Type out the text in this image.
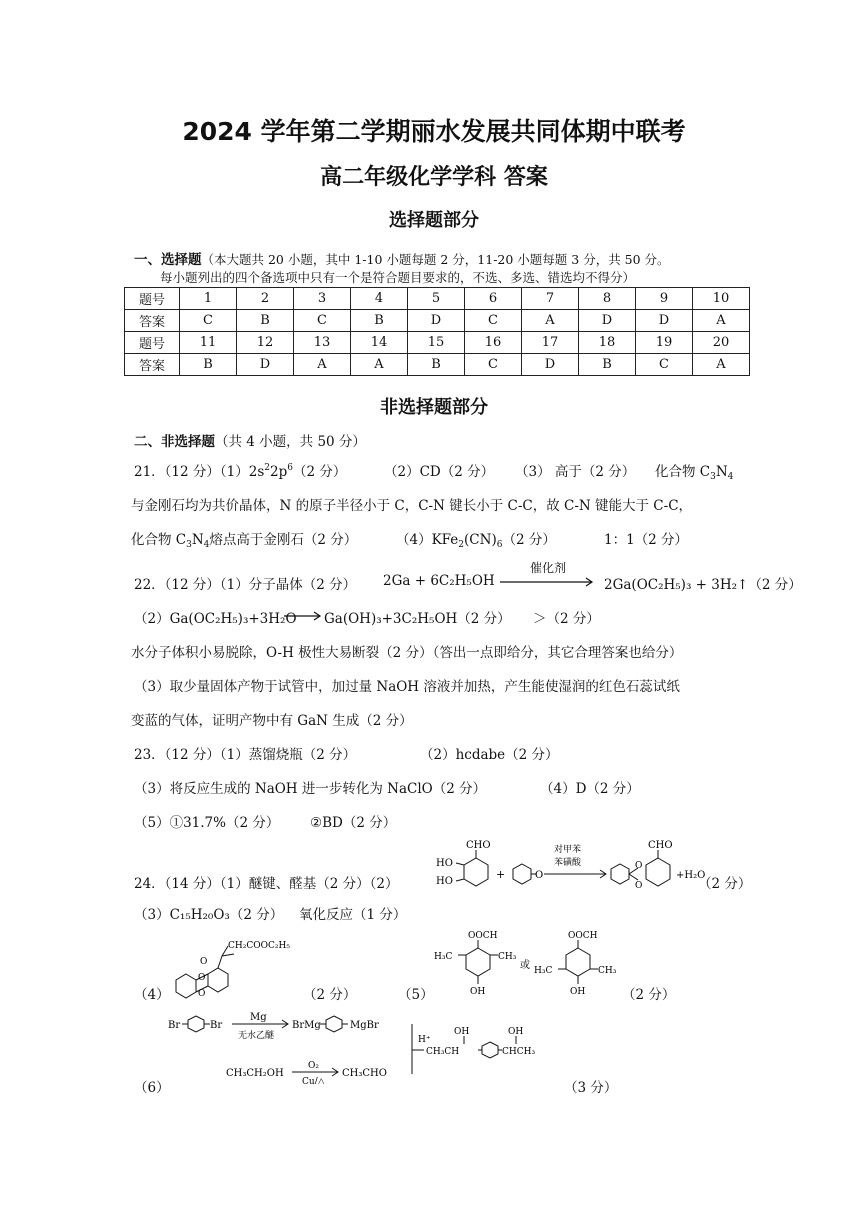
2024 学年第二学期丽水发展共同体期中联考
高二年级化学学科 答案
选择题部分
一、选择题（本大题共 20 小题，其中 1-10 小题每题 2 分，11-20 小题每题 3 分，共 50 分。
每小题列出的四个备选项中只有一个是符合题目要求的，不选、多选、错选均不得分）
题号	1	2	3	4	5	6	7	8	9	10
答案	C	B	C	B	D	C	A	D	D	A
题号	11	12	13	14	15	16	17	18	19	20
答案	B	D	A	A	B	C	D	B	C	A
非选择题部分
二、非选择题（共 4 小题，共 50 分）
21．（12 分）$(1)2s^22p^6(2$ 分）	（2）CD（2 分） （3） 高于（2 分） 化合物 $C_3N_4$
与金刚石均为共价晶体，N 的原子半径小于 C，C-N 键长小于 C-C，故 C-N 键能大于 C-C，
化合物 $C_3N_4$熔点高于金刚石（2 分）	$(4)KFe_2(CN)_6(2$ 分）	1：1（2 分）
22．（12 分）（1）分子晶体（2 分） 2Ga + 6C₂H₅OH
催化剂
2Ga(OC₂H₅)₃ + 3H₂↑（2 分）
（2）Ga(OC₂H₅)₃+3H₂O → Ga(OH)₃+3C₂H₅OH（2 分） ＞（2 分）
水分子体积小易脱除，O-H 极性大易断裂（2 分）（答出一点即给分，其它合理答案也给分）
（3）取少量固体产物于试管中，加过量 NaOH 溶液并加热，产生能使湿润的红色石蕊试纸
变蓝的气体，证明产物中有 GaN 生成（2 分）
23．（12 分）（1）蒸馏烧瓶（2 分）	（2）hcdabe（2 分）
（3）将反应生成的 NaOH 进一步转化为 NaClO（2 分）	（4）D（2 分）
（5）①31.7%（2 分） ②BD（2 分）
24．（14 分）（1）醚键、醛基（2 分）（2）
CHO
HO
HO
+	O
对甲苯
苯磺酸	O
O
CHO
+H₂O
（2 分）
（3）C₁₅H₂₀O₃（2 分） 氧化反应（1 分）
（4）
CH₂COOC₂H₅
O
O
O	（2 分）	（5）
OOCH
H₃C	CH₃
OH
或
OOCH
H₃C	CH₃
OH	（2 分）
（6）
Br	Br
Mg
无水乙醚
BrMg	MgBr
H⁺
OH	OH
CH₃CH	CHCH₃
CH₃CH₂OH
O₂
Cu/△
CH₃CHO
（3 分）
